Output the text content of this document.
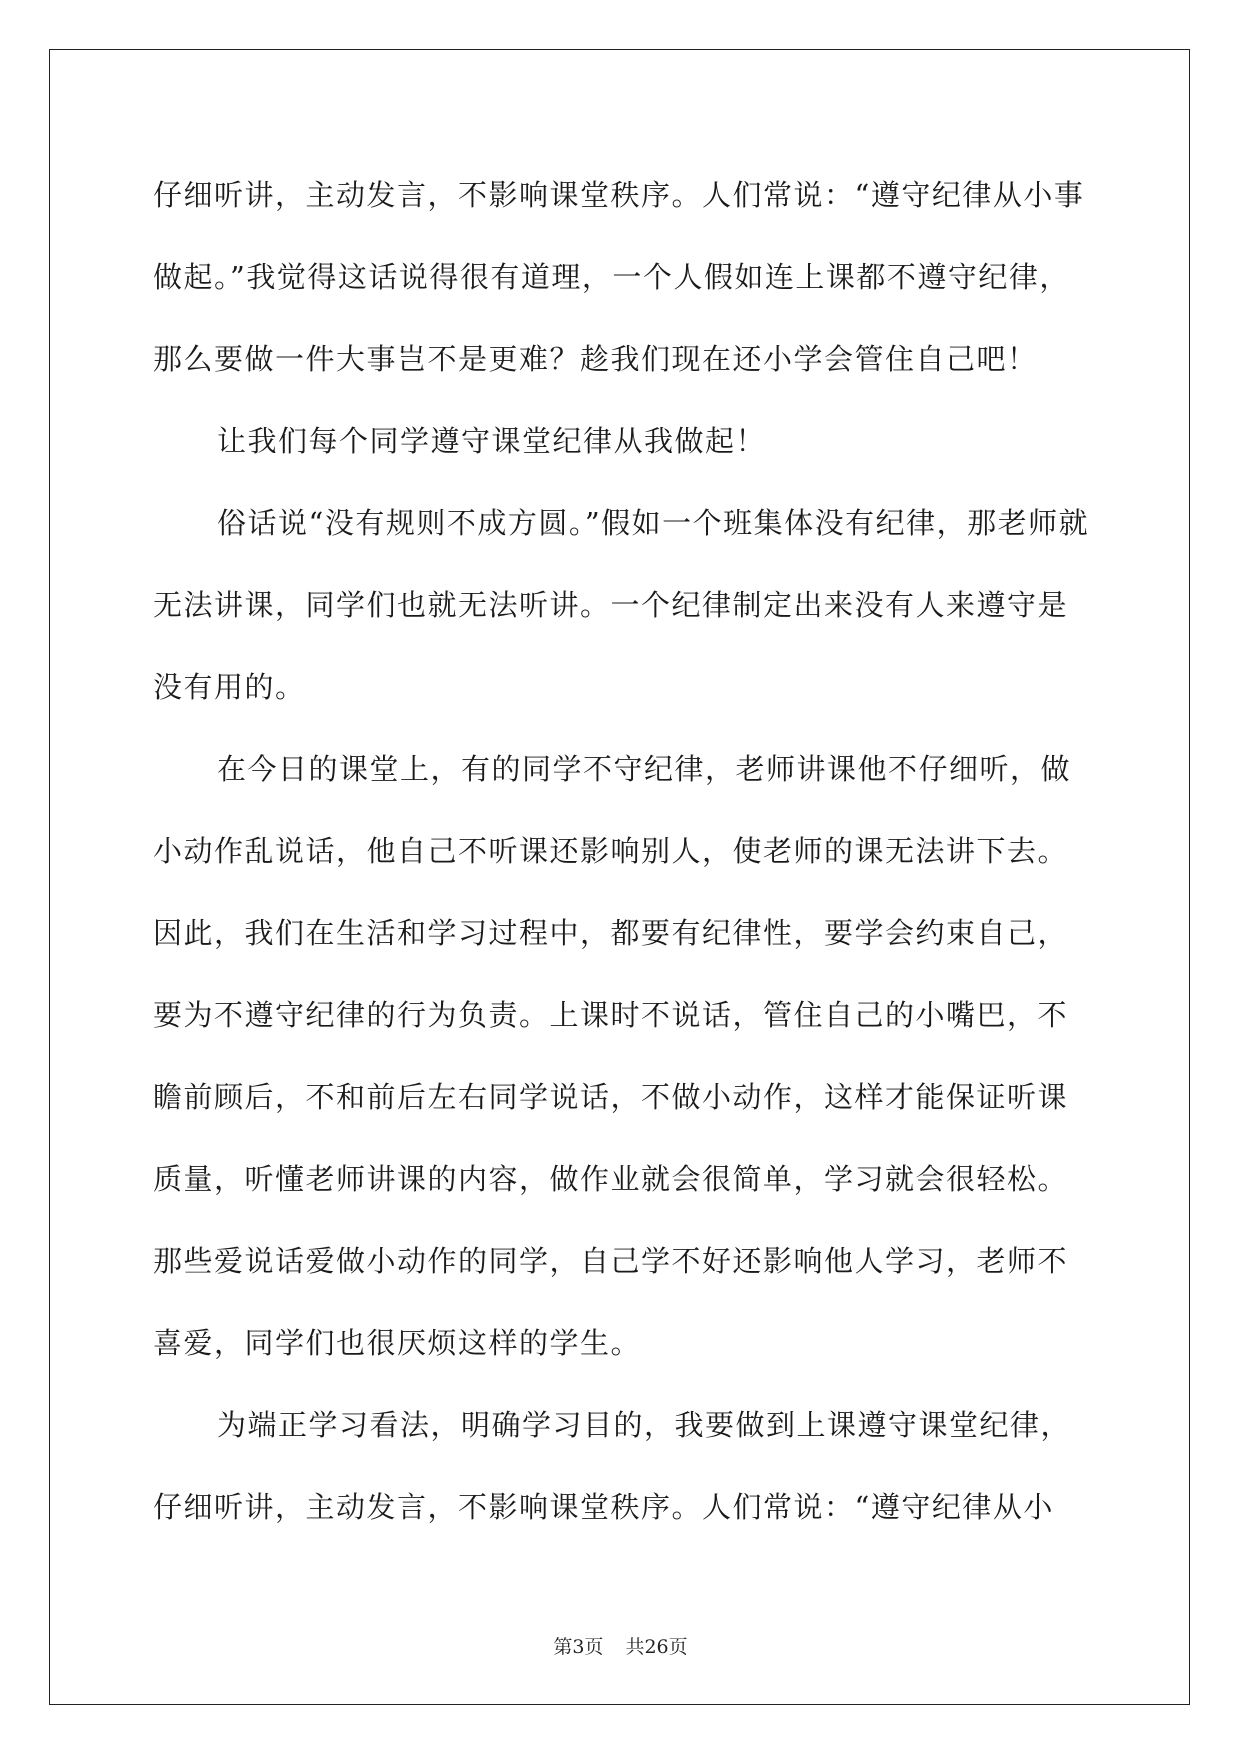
仔细听讲，主动发言，不影响课堂秩序。人们常说：“遵守纪律从小事做起。”我觉得这话说得很有道理，一个人假如连上课都不遵守纪律，那么要做一件大事岂不是更难？趁我们现在还小学会管住自己吧！

让我们每个同学遵守课堂纪律从我做起！

俗话说“没有规则不成方圆。”假如一个班集体没有纪律，那老师就无法讲课，同学们也就无法听讲。一个纪律制定出来没有人来遵守是没有用的。

在今日的课堂上，有的同学不守纪律，老师讲课他不仔细听，做小动作乱说话，他自己不听课还影响别人，使老师的课无法讲下去。因此，我们在生活和学习过程中，都要有纪律性，要学会约束自己，要为不遵守纪律的行为负责。上课时不说话，管住自己的小嘴巴，不瞻前顾后，不和前后左右同学说话，不做小动作，这样才能保证听课质量，听懂老师讲课的内容，做作业就会很简单，学习就会很轻松。那些爱说话爱做小动作的同学，自己学不好还影响他人学习，老师不喜爱，同学们也很厌烦这样的学生。

为端正学习看法，明确学习目的，我要做到上课遵守课堂纪律，仔细听讲，主动发言，不影响课堂秩序。人们常说：“遵守纪律从小

第3页 共26页
